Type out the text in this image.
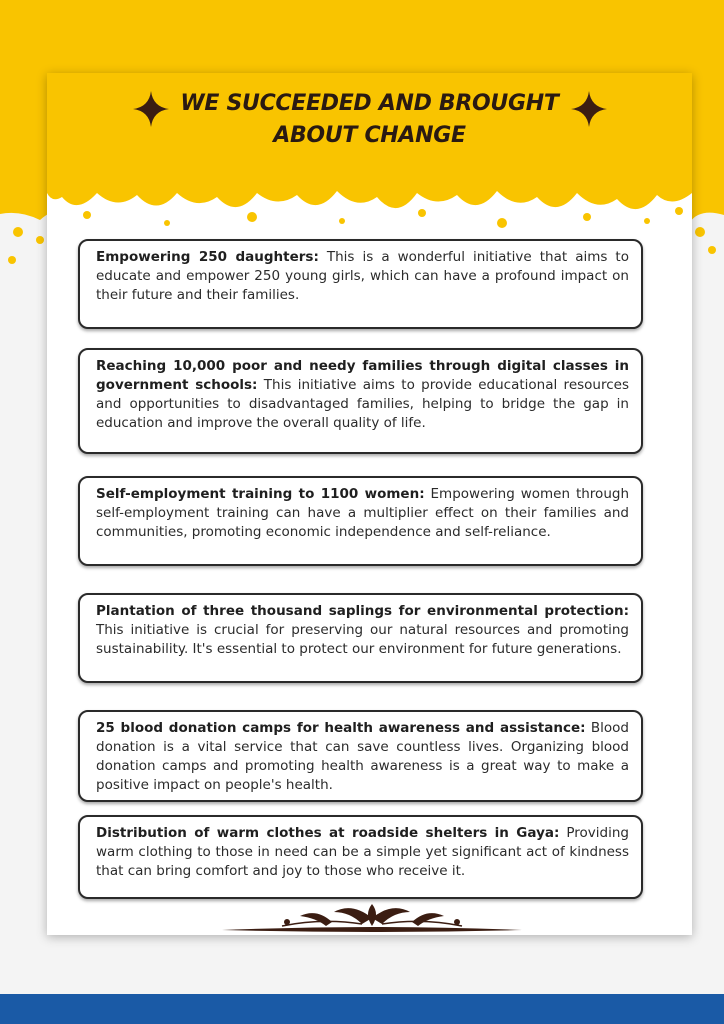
WE SUCCEEDED AND BROUGHT
ABOUT CHANGE
Empowering 250 daughters: This is a wonderful initiative that aims to educate and empower 250 young girls, which can have a profound impact on their future and their families.
Reaching 10,000 poor and needy families through digital classes in government schools: This initiative aims to provide educational resources and opportunities to disadvantaged families, helping to bridge the gap in education and improve the overall quality of life.
Self-employment training to 1100 women: Empowering women through self-employment training can have a multiplier effect on their families and communities, promoting economic independence and self-reliance.
Plantation of three thousand saplings for environmental protection: This initiative is crucial for preserving our natural resources and promoting sustainability. It's essential to protect our environment for future generations.
25 blood donation camps for health awareness and assistance: Blood donation is a vital service that can save countless lives. Organizing blood donation camps and promoting health awareness is a great way to make a positive impact on people's health.
Distribution of warm clothes at roadside shelters in Gaya: Providing warm clothing to those in need can be a simple yet significant act of kindness that can bring comfort and joy to those who receive it.
